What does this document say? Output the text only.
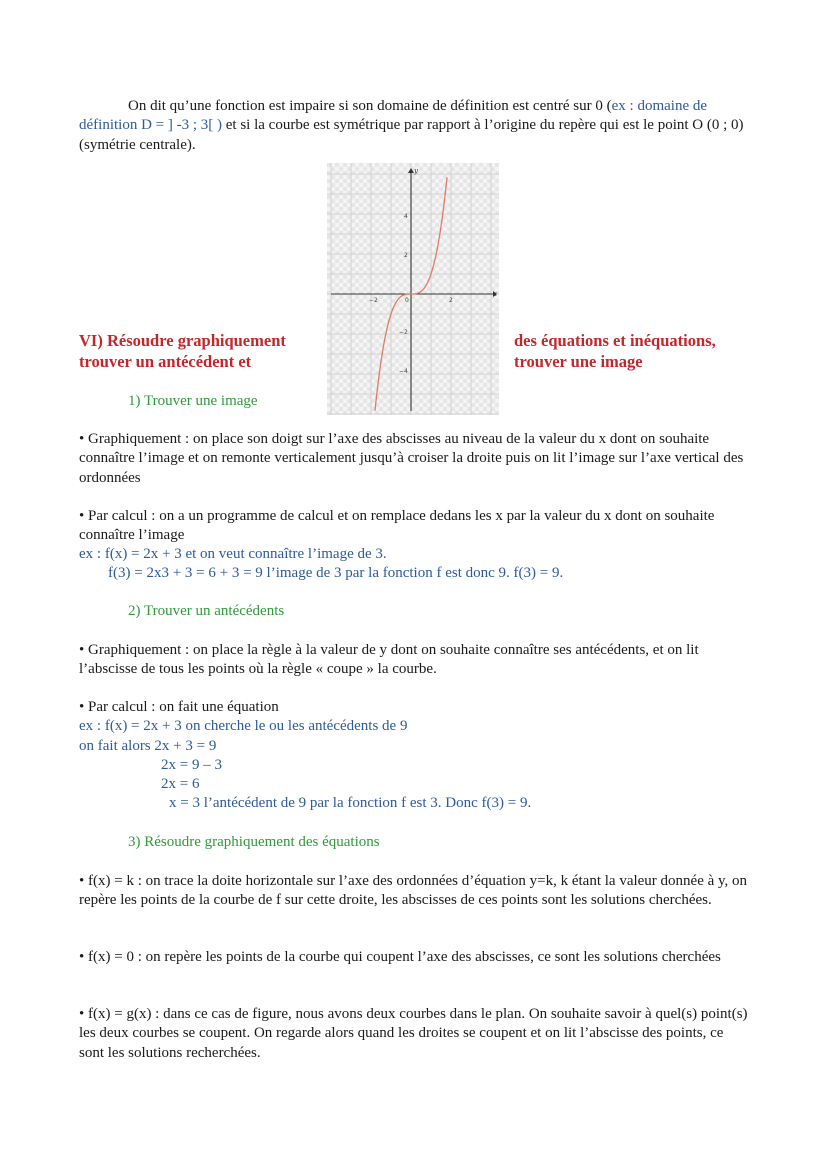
On dit qu’une fonction est impaire si son domaine de définition est centré sur 0 (ex : domaine de définition D = ] -3 ; 3[ ) et si la courbe est symétrique par rapport à l’origine du repère qui est le point O (0 ; 0) (symétrie centrale).
x
y
−2	0	2
4
2
−2
−4
VI) Résoudre graphiquement
trouver un antécédent et
des équations et inéquations,
trouver une image
1) Trouver une image
• Graphiquement : on place son doigt sur l’axe des abscisses au niveau de la valeur du x dont on souhaite connaître l’image et on remonte verticalement jusqu’à croiser la droite puis on lit l’image sur l’axe vertical des ordonnées
• Par calcul : on a un programme de calcul et on remplace dedans les x par la valeur du x dont on souhaite connaître l’image
ex : f(x) = 2x + 3 et on veut connaître l’image de 3.
f(3) = 2x3 + 3 = 6 + 3 = 9 l’image de 3 par la fonction f est donc 9. f(3) = 9.
2) Trouver un antécédents
• Graphiquement : on place la règle à la valeur de y dont on souhaite connaître ses antécédents, et on lit l’abscisse de tous les points où la règle « coupe » la courbe.
• Par calcul : on fait une équation
ex : f(x) = 2x + 3 on cherche le ou les antécédents de 9
on fait alors 2x + 3 = 9
2x = 9 – 3
2x = 6
x = 3 l’antécédent de 9 par la fonction f est 3. Donc f(3) = 9.
3) Résoudre graphiquement des équations
• f(x) = k : on trace la doite horizontale sur l’axe des ordonnées d’équation y=k, k étant la valeur donnée à y, on repère les points de la courbe de f sur cette droite, les abscisses de ces points sont les solutions cherchées.
• f(x) = 0 : on repère les points de la courbe qui coupent l’axe des abscisses, ce sont les solutions cherchées
• f(x) = g(x) : dans ce cas de figure, nous avons deux courbes dans le plan. On souhaite savoir à quel(s) point(s) les deux courbes se coupent. On regarde alors quand les droites se coupent et on lit l’abscisse des points, ce sont les solutions recherchées.
